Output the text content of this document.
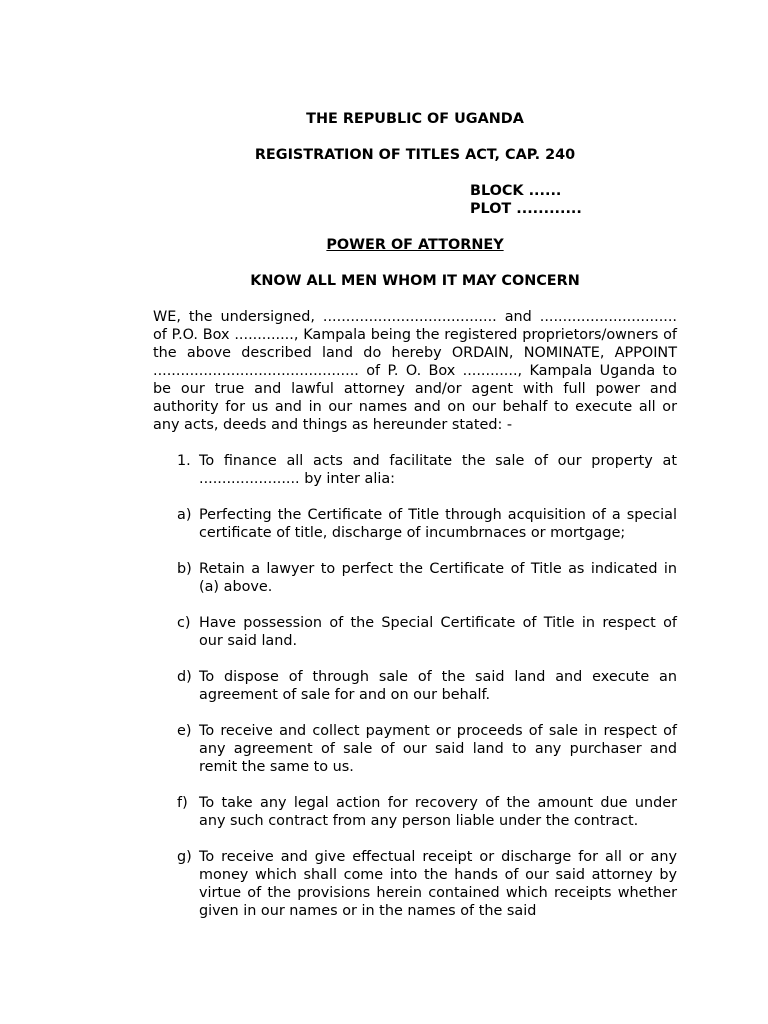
THE REPUBLIC OF UGANDA
REGISTRATION OF TITLES ACT, CAP. 240
BLOCK ......
PLOT ............
POWER OF ATTORNEY
KNOW ALL MEN WHOM IT MAY CONCERN
WE, the undersigned, ...................................... and .............................. of P.O. Box ............., Kampala being the registered proprietors/owners of the above described land do hereby ORDAIN, NOMINATE, APPOINT ............................................. of P. O. Box ............, Kampala Uganda to be our true and lawful attorney and/or agent with full power and authority for us and in our names and on our behalf to execute all or any acts, deeds and things as hereunder stated: -
1. To finance all acts and facilitate the sale of our property at ...................... by inter alia:
a) Perfecting the Certificate of Title through acquisition of a special certificate of title, discharge of incumbrnaces or mortgage;
b) Retain a lawyer to perfect the Certificate of Title as indicated in (a) above.
c) Have possession of the Special Certificate of Title in respect of our said land.
d) To dispose of through sale of the said land and execute an agreement of sale for and on our behalf.
e) To receive and collect payment or proceeds of sale in respect of any agreement of sale of our said land to any purchaser and remit the same to us.
f) To take any legal action for recovery of the amount due under any such contract from any person liable under the contract.
g) To receive and give effectual receipt or discharge for all or any money which shall come into the hands of our said attorney by virtue of the provisions herein contained which receipts whether given in our names or in the names of the said
